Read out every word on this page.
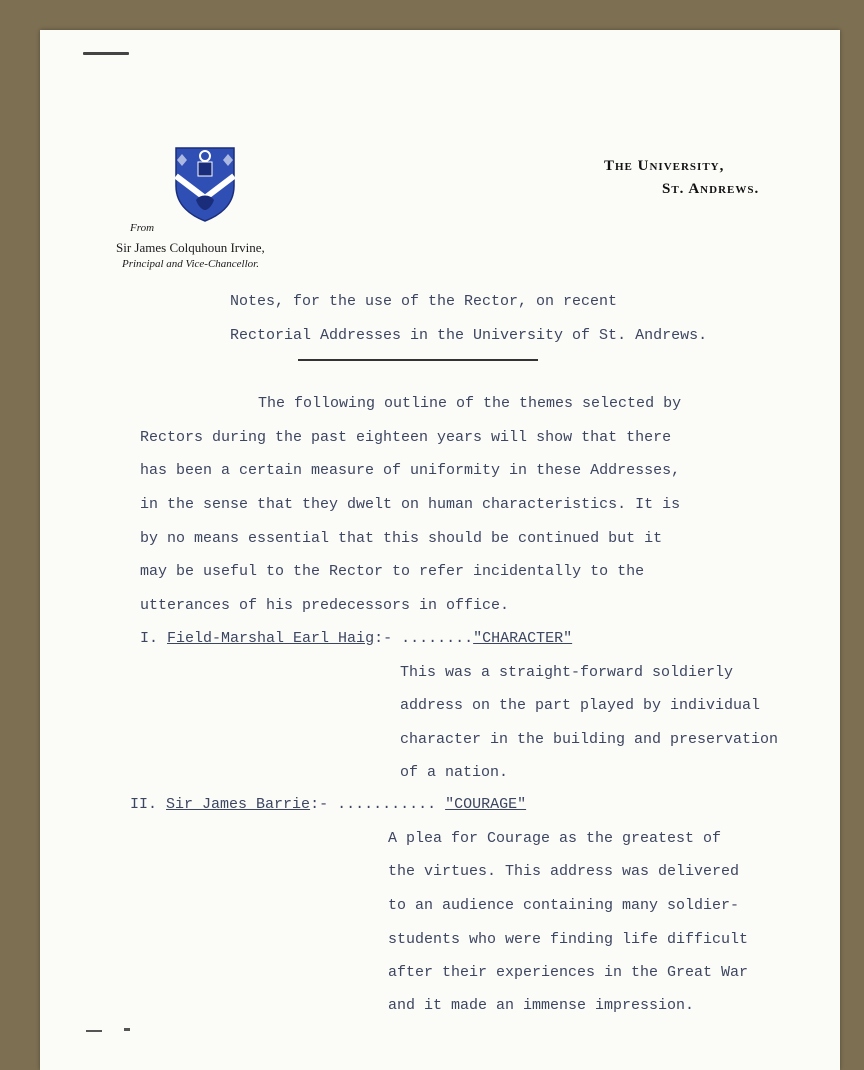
From
Sir James Colquhoun Irvine,
Principal and Vice-Chancellor.
The University,
St. Andrews.
Notes, for the use of the Rector, on recent
Rectorial Addresses in the University of St. Andrews.
The following outline of the themes selected by
Rectors during the past eighteen years will show that there
has been a certain measure of uniformity in these Addresses,
in the sense that they dwelt on human characteristics. It is
by no means essential that this should be continued but it
may be useful to the Rector to refer incidentally to the
utterances of his predecessors in office.
I. Field-Marshal Earl Haig:- ........"CHARACTER"
This was a straight-forward soldierly
address on the part played by individual
character in the building and preservation
of a nation.
II. Sir James Barrie:- ........... "COURAGE"
A plea for Courage as the greatest of
the virtues. This address was delivered
to an audience containing many soldier-
students who were finding life difficult
after their experiences in the Great War
and it made an immense impression.
